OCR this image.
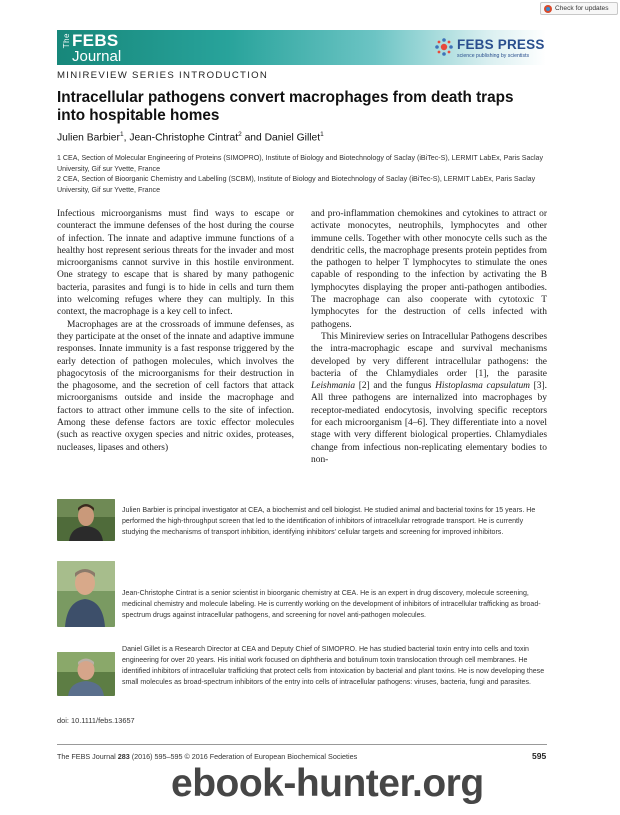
Check for updates
The FEBS
Journal
FEBS PRESS
science publishing by scientists
MINIREVIEW SERIES INTRODUCTION
Intracellular pathogens convert macrophages from death traps into hospitable homes
Julien Barbier$^1$, Jean-Christophe Cintrat$^2$ and Daniel Gillet$^1$
1 CEA, Section of Molecular Engineering of Proteins (SIMOPRO), Institute of Biology and Biotechnology of Saclay (iBiTec-S), LERMIT LabEx, Paris Saclay University, Gif sur Yvette, France
2 CEA, Section of Bioorganic Chemistry and Labelling (SCBM), Institute of Biology and Biotechnology of Saclay (iBiTec-S), LERMIT LabEx, Paris Saclay University, Gif sur Yvette, France

Infectious microorganisms must find ways to escape or counteract the immune defenses of the host during the course of infection. The innate and adaptive immune functions of a healthy host represent serious threats for the invader and most microorganisms cannot survive in this hostile environment. One strategy to escape that is shared by many pathogenic bacteria, parasites and fungi is to hide in cells and turn them into welcoming refuges where they can multiply. In this context, the macrophage is a key cell to infect.

Macrophages are at the crossroads of immune defenses, as they participate at the onset of the innate and adaptive immune responses. Innate immunity is a fast response triggered by the early detection of pathogen molecules, which involves the phagocytosis of the microorganisms for their destruction in the phagosome, and the secretion of cell factors that attack microorganisms outside and inside the macrophage and factors to attract other immune cells to the site of infection. Among these defense factors are toxic effector molecules (such as reactive oxygen species and nitric oxides, proteases, nucleases, lipases and others)

and pro-inflammation chemokines and cytokines to attract or activate monocytes, neutrophils, lymphocytes and other immune cells. Together with other monocyte cells such as the dendritic cells, the macrophage presents protein peptides from the pathogen to helper T lymphocytes to stimulate the ones capable of responding to the infection by activating the B lymphocytes displaying the proper anti-pathogen antibodies. The macrophage can also cooperate with cytotoxic T lymphocytes for the destruction of cells infected with pathogens.

This Minireview series on Intracellular Pathogens describes the intra-macrophagic escape and survival mechanisms developed by very different intracellular pathogens: the bacteria of the Chlamydiales order [1], the parasite Leishmania [2] and the fungus Histoplasma capsulatum [3]. All three pathogens are internalized into macrophages by receptor-mediated endocytosis, involving specific receptors for each microorganism [4–6]. They differentiate into a novel stage with very different biological properties. Chlamydiales change from infectious non-replicating elementary bodies to non-

Julien Barbier is principal investigator at CEA, a biochemist and cell biologist. He studied animal and bacterial toxins for 15 years. He performed the high-throughput screen that led to the identification of inhibitors of intracellular retrograde transport. He is currently studying the mechanisms of transport inhibition, identifying inhibitors' cellular targets and screening for improved inhibitors.
Jean-Christophe Cintrat is a senior scientist in bioorganic chemistry at CEA. He is an expert in drug discovery, molecule screening, medicinal chemistry and molecule labeling. He is currently working on the development of inhibitors of intracellular trafficking as broad-spectrum drugs against intracellular pathogens, and screening for novel anti-pathogen molecules.
Daniel Gillet is a Research Director at CEA and Deputy Chief of SIMOPRO. He has studied bacterial toxin entry into cells and toxin engineering for over 20 years. His initial work focused on diphtheria and botulinum toxin translocation through cell membranes. He identified inhibitors of intracellular trafficking that protect cells from intoxication by bacterial and plant toxins. He is now developing these small molecules as broad-spectrum inhibitors of the entry into cells of intracellular pathogens: viruses, bacteria, fungi and parasites.
doi: 10.1111/febs.13657
The FEBS Journal 283 (2016) 595–595 © 2016 Federation of European Biochemical Societies	595
ebook-hunter.org
